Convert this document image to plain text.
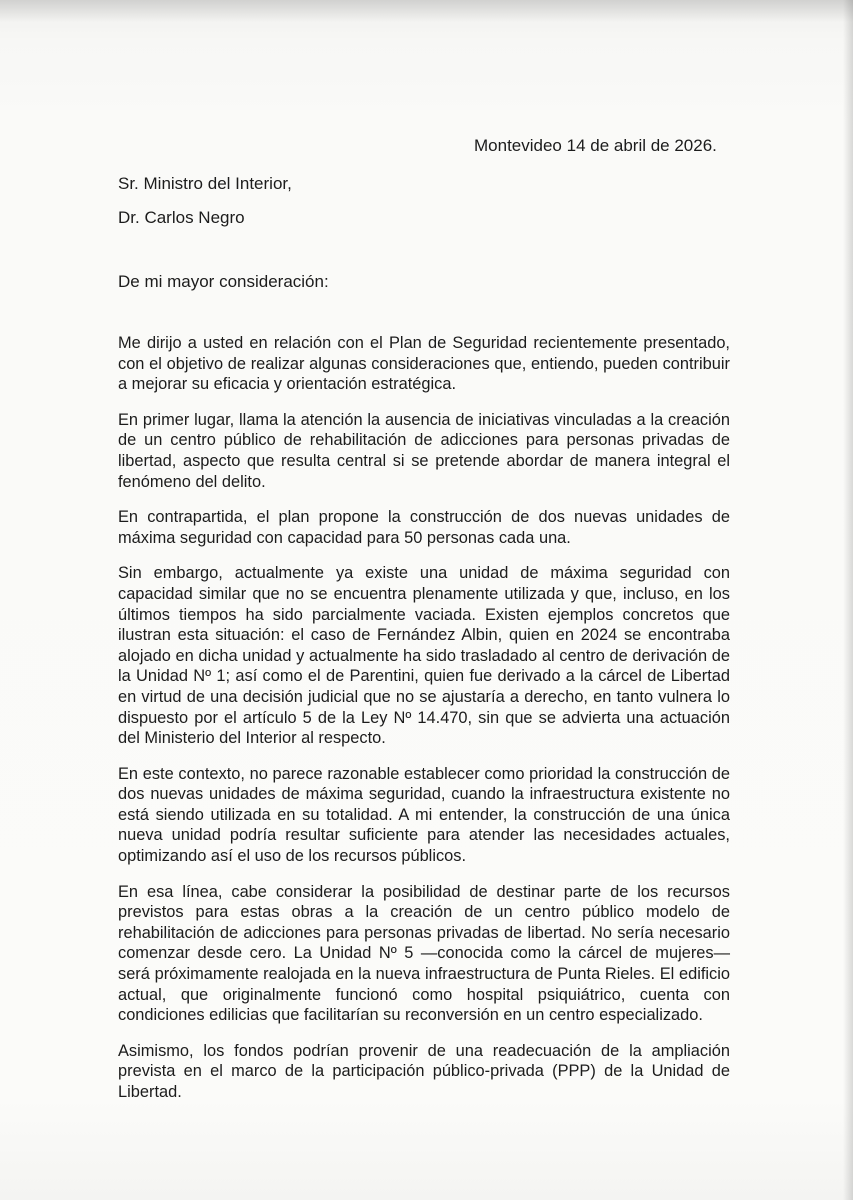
Montevideo 14 de abril de 2026.
Sr. Ministro del Interior,
Dr. Carlos Negro
De mi mayor consideración:

Me dirijo a usted en relación con el Plan de Seguridad recientemente presentado, con el objetivo de realizar algunas consideraciones que, entiendo, pueden contribuir a mejorar su eficacia y orientación estratégica.

En primer lugar, llama la atención la ausencia de iniciativas vinculadas a la creación de un centro público de rehabilitación de adicciones para personas privadas de libertad, aspecto que resulta central si se pretende abordar de manera integral el fenómeno del delito.

En contrapartida, el plan propone la construcción de dos nuevas unidades de máxima seguridad con capacidad para 50 personas cada una.

Sin embargo, actualmente ya existe una unidad de máxima seguridad con capacidad similar que no se encuentra plenamente utilizada y que, incluso, en los últimos tiempos ha sido parcialmente vaciada. Existen ejemplos concretos que ilustran esta situación: el caso de Fernández Albin, quien en 2024 se encontraba alojado en dicha unidad y actualmente ha sido trasladado al centro de derivación de la Unidad Nº 1; así como el de Parentini, quien fue derivado a la cárcel de Libertad en virtud de una decisión judicial que no se ajustaría a derecho, en tanto vulnera lo dispuesto por el artículo 5 de la Ley Nº 14.470, sin que se advierta una actuación del Ministerio del Interior al respecto.

En este contexto, no parece razonable establecer como prioridad la construcción de dos nuevas unidades de máxima seguridad, cuando la infraestructura existente no está siendo utilizada en su totalidad. A mi entender, la construcción de una única nueva unidad podría resultar suficiente para atender las necesidades actuales, optimizando así el uso de los recursos públicos.

En esa línea, cabe considerar la posibilidad de destinar parte de los recursos previstos para estas obras a la creación de un centro público modelo de rehabilitación de adicciones para personas privadas de libertad. No sería necesario comenzar desde cero. La Unidad Nº 5 —conocida como la cárcel de mujeres— será próximamente realojada en la nueva infraestructura de Punta Rieles. El edificio actual, que originalmente funcionó como hospital psiquiátrico, cuenta con condiciones edilicias que facilitarían su reconversión en un centro especializado.

Asimismo, los fondos podrían provenir de una readecuación de la ampliación prevista en el marco de la participación público-privada (PPP) de la Unidad de Libertad.
